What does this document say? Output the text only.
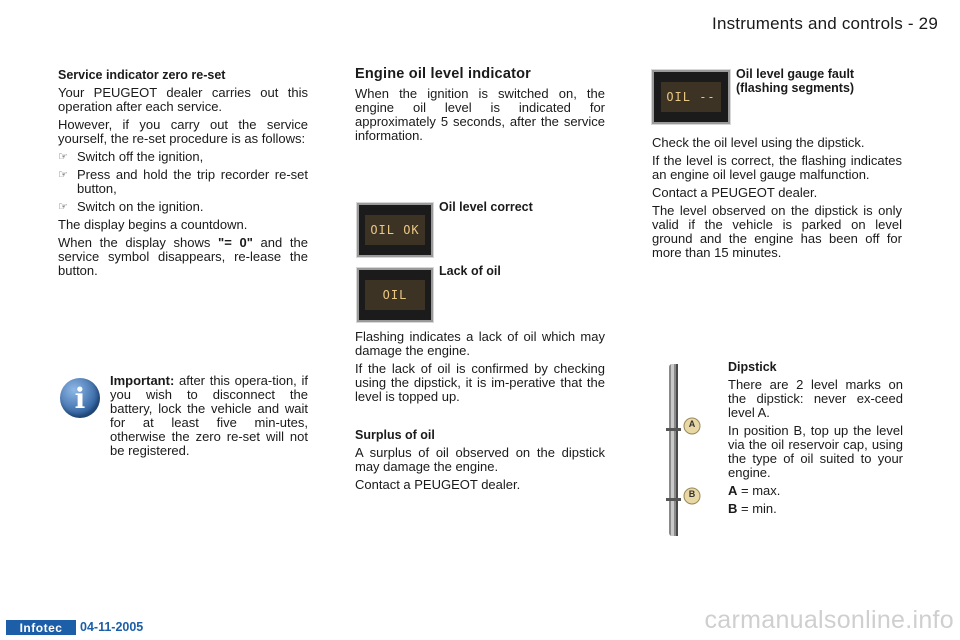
Instruments and controls - 29

Service indicator zero re-set

Your PEUGEOT dealer carries out this operation after each service.

However, if you carry out the service yourself, the re-set procedure is as follows:

☞ Switch off the ignition,
☞ Press and hold the trip recorder re-set button,
☞ Switch on the ignition.

The display begins a countdown.

When the display shows "= 0" and the service symbol disappears, re-lease the button.

i

Important: after this opera-tion, if you wish to disconnect the battery, lock the vehicle and wait for at least five min-utes, otherwise the zero re-set will not be registered.

Engine oil level indicator

When the ignition is switched on, the engine oil level is indicated for approximately 5 seconds, after the service information.

OIL OK
Oil level correct
OIL
Lack of oil

Flashing indicates a lack of oil which may damage the engine.

If the lack of oil is confirmed by checking using the dipstick, it is im-perative that the level is topped up.

Surplus of oil

A surplus of oil observed on the dipstick may damage the engine.

Contact a PEUGEOT dealer.

OIL --
Oil level gauge fault (flashing segments)

Check the oil level using the dipstick.

If the level is correct, the flashing indicates an engine oil level gauge malfunction.

Contact a PEUGEOT dealer.

The level observed on the dipstick is only valid if the vehicle is parked on level ground and the engine has been off for more than 15 minutes.

A
B

Dipstick

There are 2 level marks on the dipstick: never ex-ceed level A.

In position B, top up the level via the oil reservoir cap, using the type of oil suited to your engine.

A = max.

B = min.

Infotec	04-11-2005	carmanualsonline.info
